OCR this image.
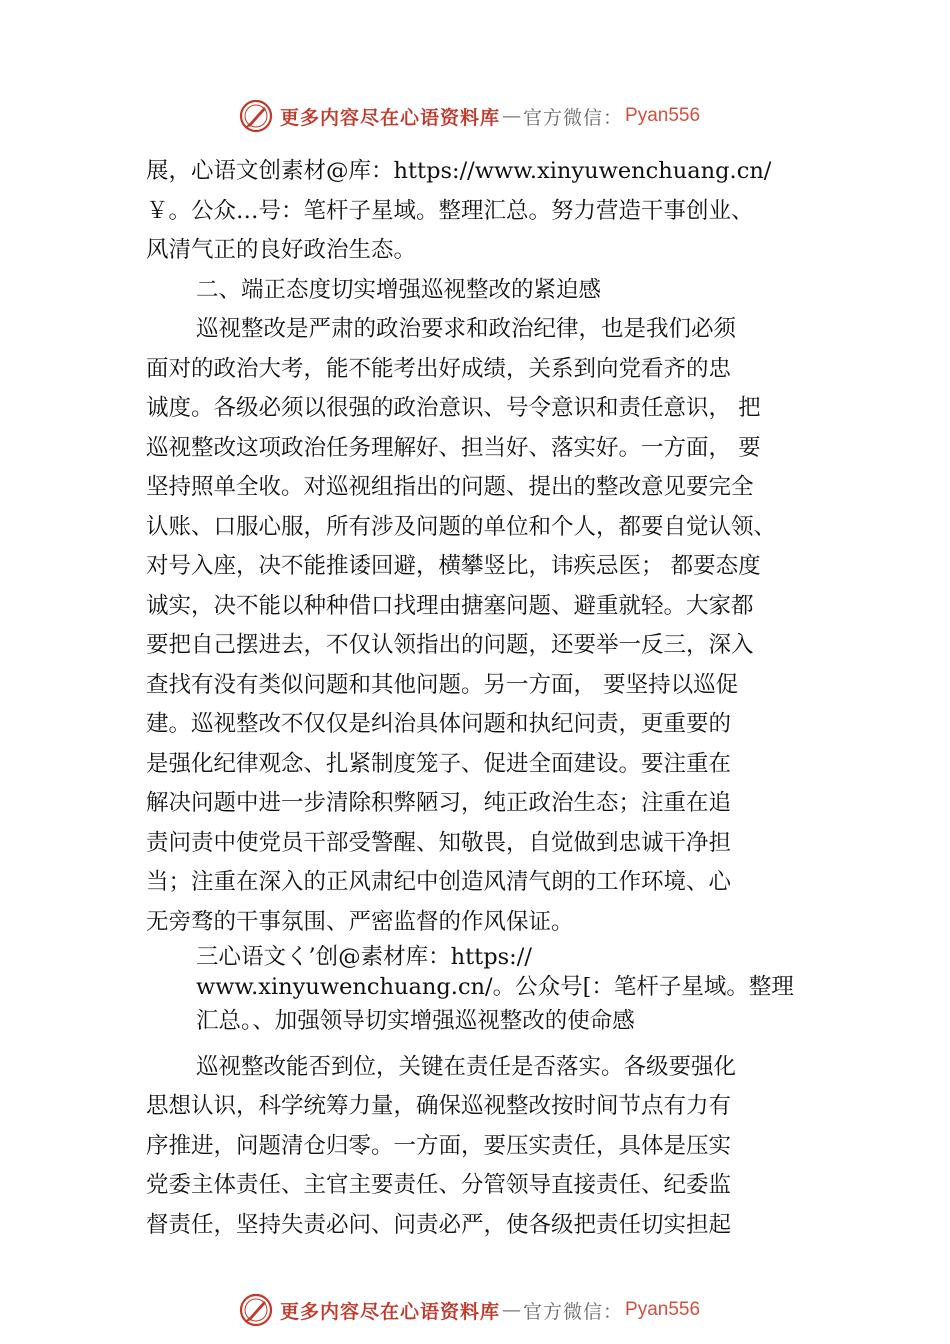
更多内容尽在心语资料库 — 官方微信： Pyan556
展，心语文创素材@库：https://www.xinyuwenchuang.cn/
￥。公众…号：笔杆子星域。整理汇总。努力营造干事创业、
风清气正的良好政治生态。
二、端正态度切实增强巡视整改的紧迫感
巡视整改是严肃的政治要求和政治纪律，也是我们必须
面对的政治大考，能不能考出好成绩，关系到向党看齐的忠
诚度。各级必须以很强的政治意识、号令意识和责任意识， 把
巡视整改这项政治任务理解好、担当好、落实好。一方面， 要
坚持照单全收。对巡视组指出的问题、提出的整改意见要完全
认账、口服心服，所有涉及问题的单位和个人，都要自觉认领、
对号入座，决不能推诿回避，横攀竖比，讳疾忌医； 都要态度
诚实，决不能以种种借口找理由搪塞问题、避重就轻。大家都
要把自己摆进去，不仅认领指出的问题，还要举一反三，深入
查找有没有类似问题和其他问题。另一方面， 要坚持以巡促
建。巡视整改不仅仅是纠治具体问题和执纪问责，更重要的
是强化纪律观念、扎紧制度笼子、促进全面建设。要注重在
解决问题中进一步清除积弊陋习，纯正政治生态；注重在追
责问责中使党员干部受警醒、知敬畏，自觉做到忠诚干净担
当；注重在深入的正风肃纪中创造风清气朗的工作环境、心
无旁骛的干事氛围、严密监督的作风保证。
三心语文く’创@素材库：https://
www.xinyuwenchuang.cn/。公众号[：笔杆子星域。整理
汇总。、加强领导切实增强巡视整改的使命感
巡视整改能否到位，关键在责任是否落实。各级要强化
思想认识，科学统筹力量，确保巡视整改按时间节点有力有
序推进，问题清仓归零。一方面，要压实责任，具体是压实
党委主体责任、主官主要责任、分管领导直接责任、纪委监
督责任，坚持失责必问、问责必严，使各级把责任切实担起
更多内容尽在心语资料库 — 官方微信： Pyan556
